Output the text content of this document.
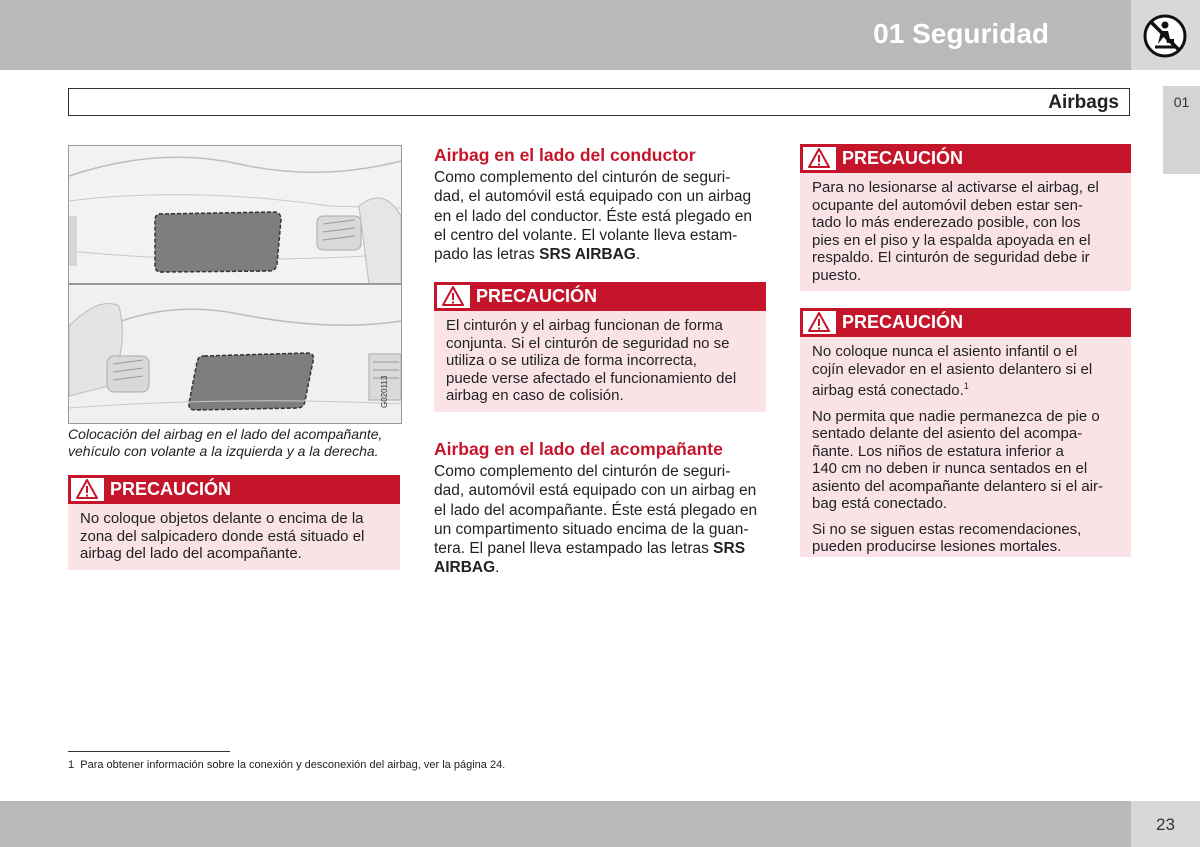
01 Seguridad
01
Airbags
G020113
Colocación del airbag en el lado del acompañante,
vehículo con volante a la izquierda y a la derecha.
PRECAUCIÓN
No coloque objetos delante o encima de la
zona del salpicadero donde está situado el
airbag del lado del acompañante.
Airbag en el lado del conductor
Como complemento del cinturón de seguri-
dad, el automóvil está equipado con un airbag
en el lado del conductor. Éste está plegado en
el centro del volante. El volante lleva estam-
pado las letras SRS AIRBAG.
PRECAUCIÓN
El cinturón y el airbag funcionan de forma
conjunta. Si el cinturón de seguridad no se
utiliza o se utiliza de forma incorrecta,
puede verse afectado el funcionamiento del
airbag en caso de colisión.
Airbag en el lado del acompañante
Como complemento del cinturón de seguri-
dad, automóvil está equipado con un airbag en
el lado del acompañante. Éste está plegado en
un compartimento situado encima de la guan-
tera. El panel lleva estampado las letras SRS
AIRBAG.
PRECAUCIÓN
Para no lesionarse al activarse el airbag, el
ocupante del automóvil deben estar sen-
tado lo más enderezado posible, con los
pies en el piso y la espalda apoyada en el
respaldo. El cinturón de seguridad debe ir
puesto.
PRECAUCIÓN

No coloque nunca el asiento infantil o el
cojín elevador en el asiento delantero si el
airbag está conectado.$^1$

No permita que nadie permanezca de pie o
sentado delante del asiento del acompa-
ñante. Los niños de estatura inferior a
140 cm no deben ir nunca sentados en el
asiento del acompañante delantero si el air-
bag está conectado.

Si no se siguen estas recomendaciones,
pueden producirse lesiones mortales.

1 Para obtener información sobre la conexión y desconexión del airbag, ver la página 24.
23
